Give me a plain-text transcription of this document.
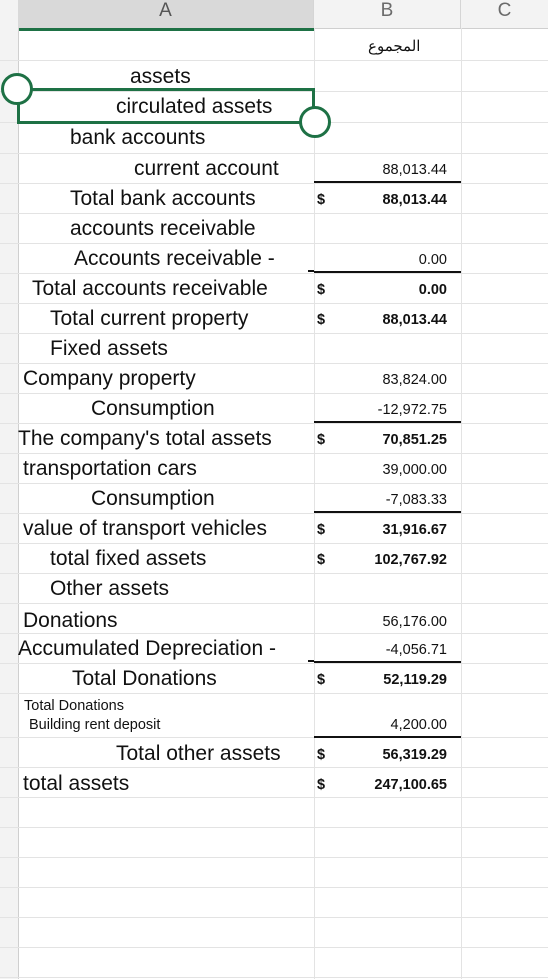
A	B	C
المجموع
assets
circulated assets
bank accounts
current account
Total bank accounts
accounts receivable
Accounts receivable -
Total accounts receivable
Total current property
Fixed assets
Company property
Consumption
The company's total assets
transportation cars
Consumption
value of transport vehicles
total fixed assets
Other assets
Donations
Accumulated Depreciation -
Total Donations
Total Donations
Building rent deposit
Total other assets
total assets
$
$
$
$
$
$
$
$
$
88,013.44
88,013.44
0.00
0.00
88,013.44
83,824.00
-12,972.75
70,851.25
39,000.00
-7,083.33
31,916.67
102,767.92
56,176.00
-4,056.71
52,119.29
4,200.00
56,319.29
247,100.65
